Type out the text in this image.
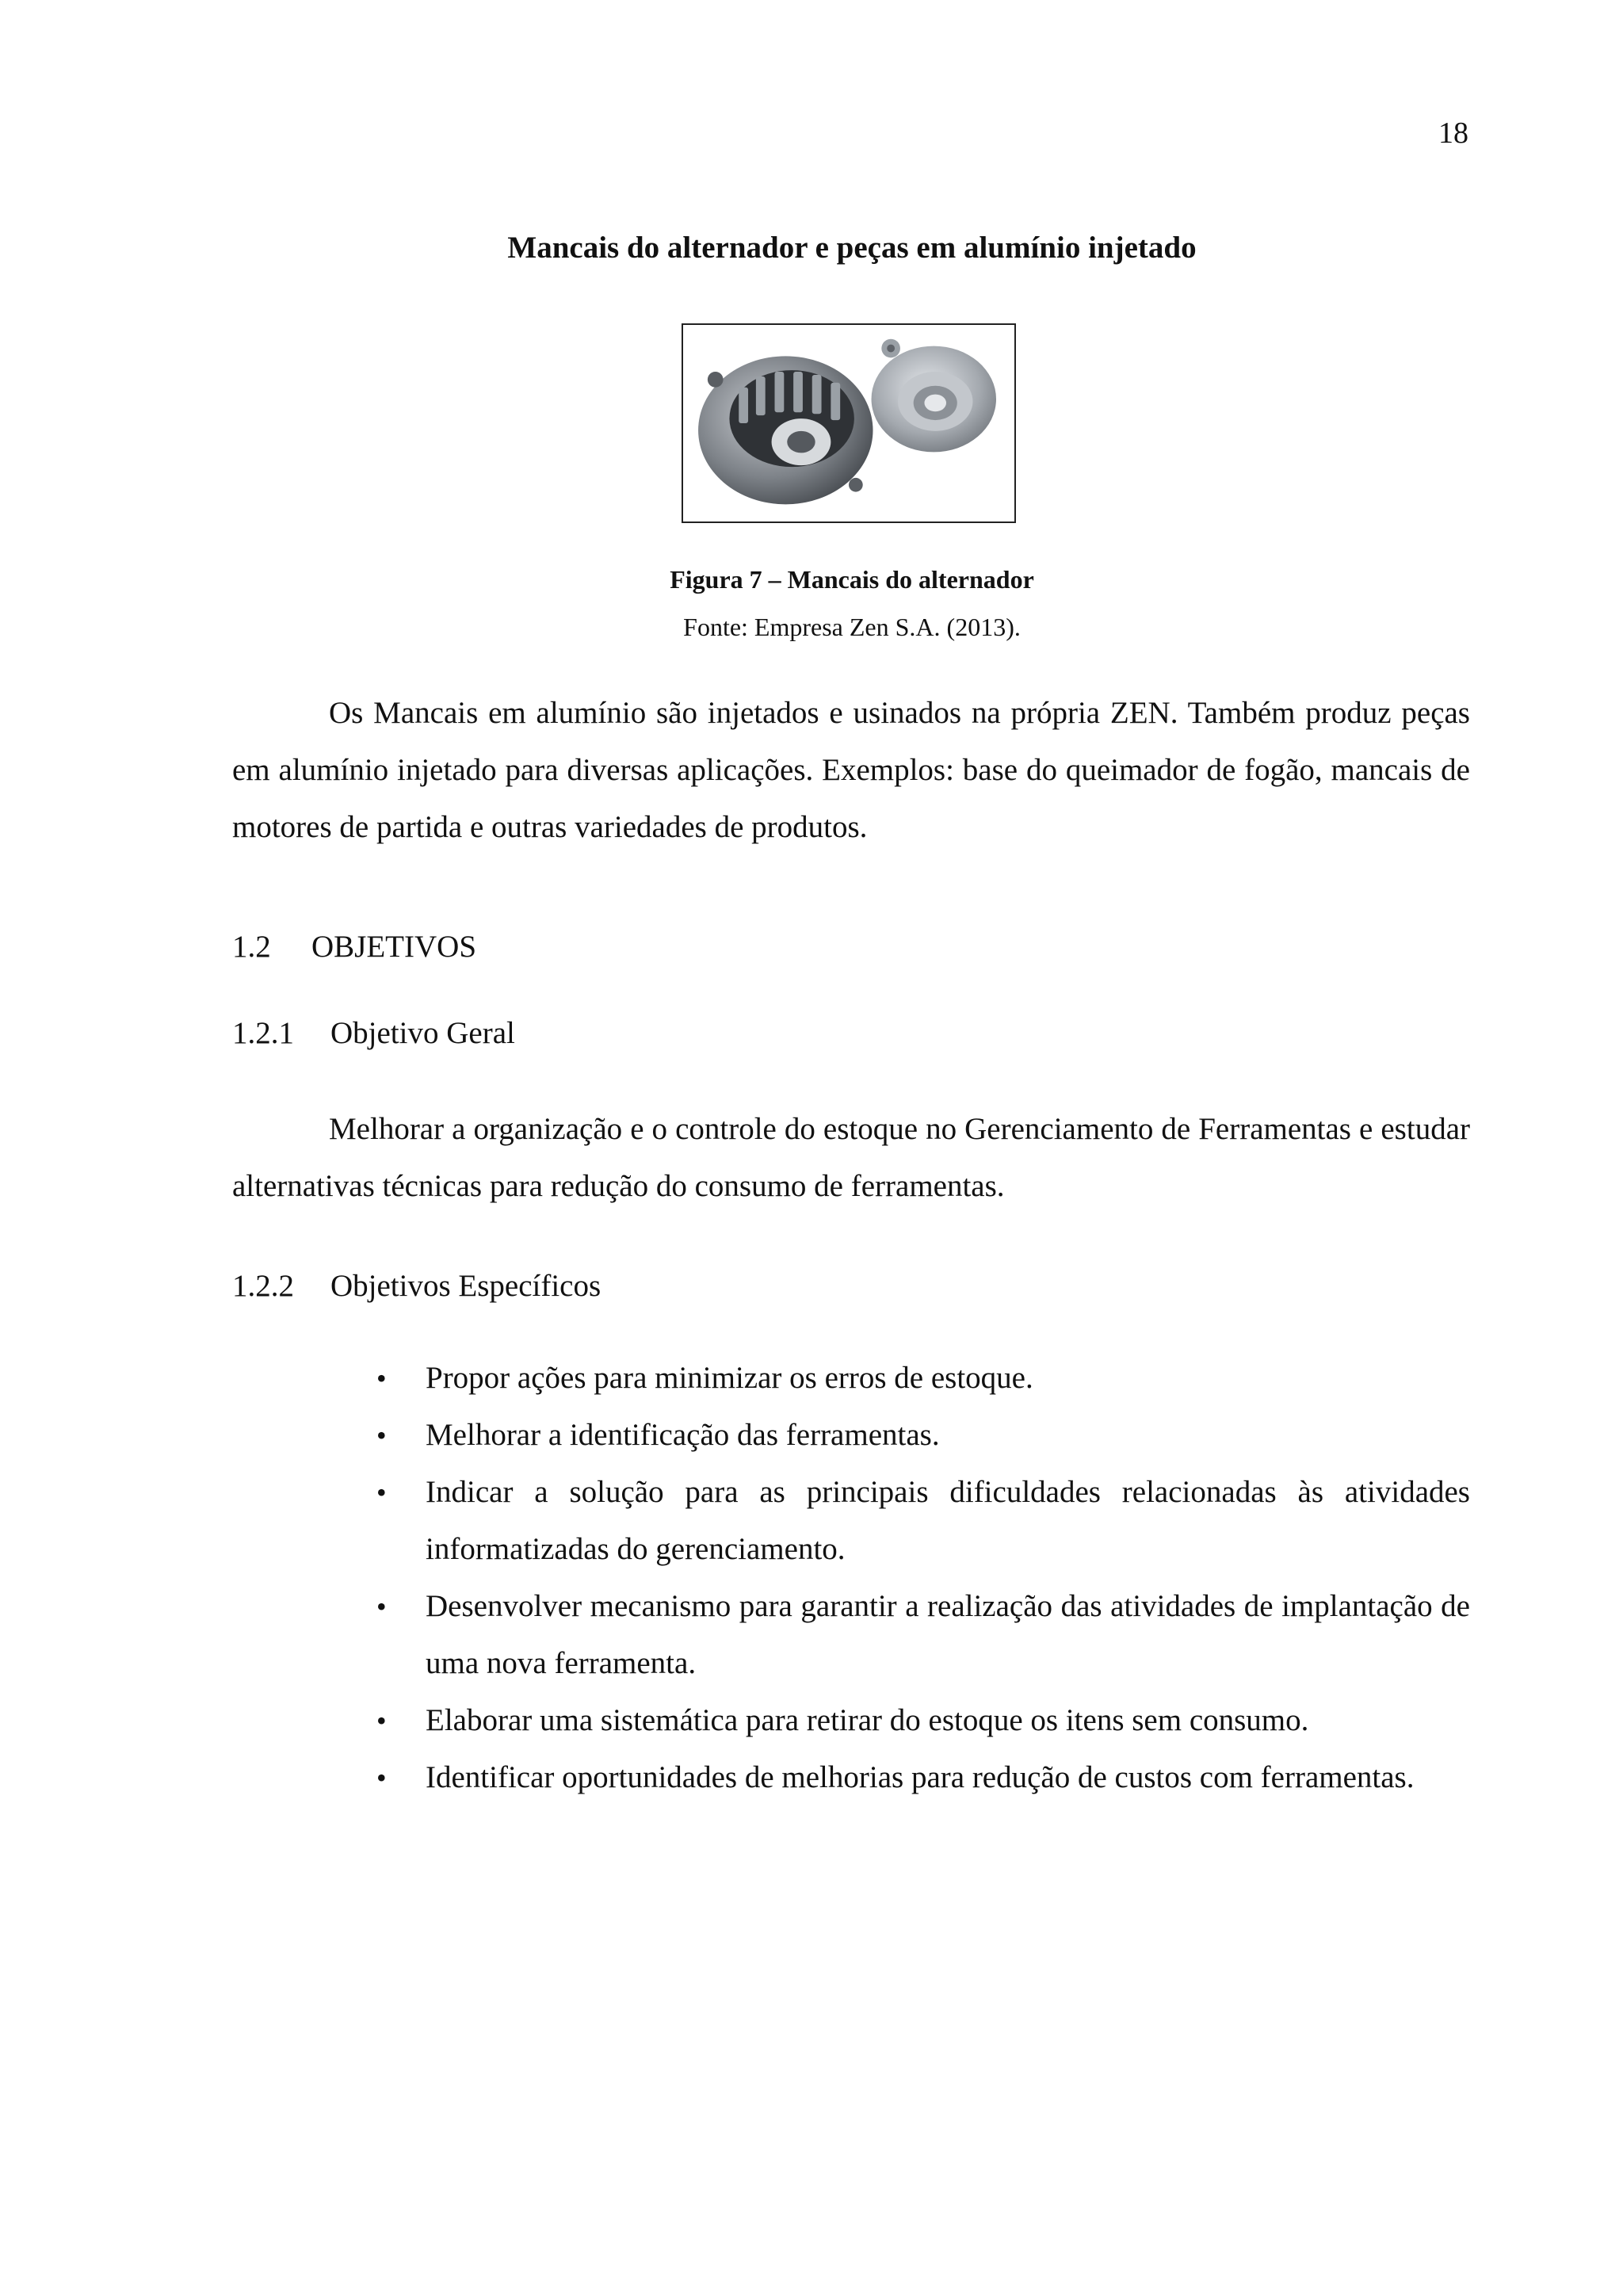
18
Mancais do alternador e peças em alumínio injetado
Figura 7 – Mancais do alternador
Fonte: Empresa Zen S.A. (2013).

Os Mancais em alumínio são injetados e usinados na própria ZEN. Também produz peças em alumínio injetado para diversas aplicações. Exemplos: base do queimador de fogão, mancais de motores de partida e outras variedades de produtos.

1.2 OBJETIVOS
1.2.1 Objetivo Geral

Melhorar a organização e o controle do estoque no Gerenciamento de Ferramentas e estudar alternativas técnicas para redução do consumo de ferramentas.

1.2.2 Objetivos Específicos
• Propor ações para minimizar os erros de estoque.
• Melhorar a identificação das ferramentas.
• Indicar a solução para as principais dificuldades relacionadas às atividades informatizadas do gerenciamento.
• Desenvolver mecanismo para garantir a realização das atividades de implantação de uma nova ferramenta.
• Elaborar uma sistemática para retirar do estoque os itens sem consumo.
• Identificar oportunidades de melhorias para redução de custos com ferramentas.
